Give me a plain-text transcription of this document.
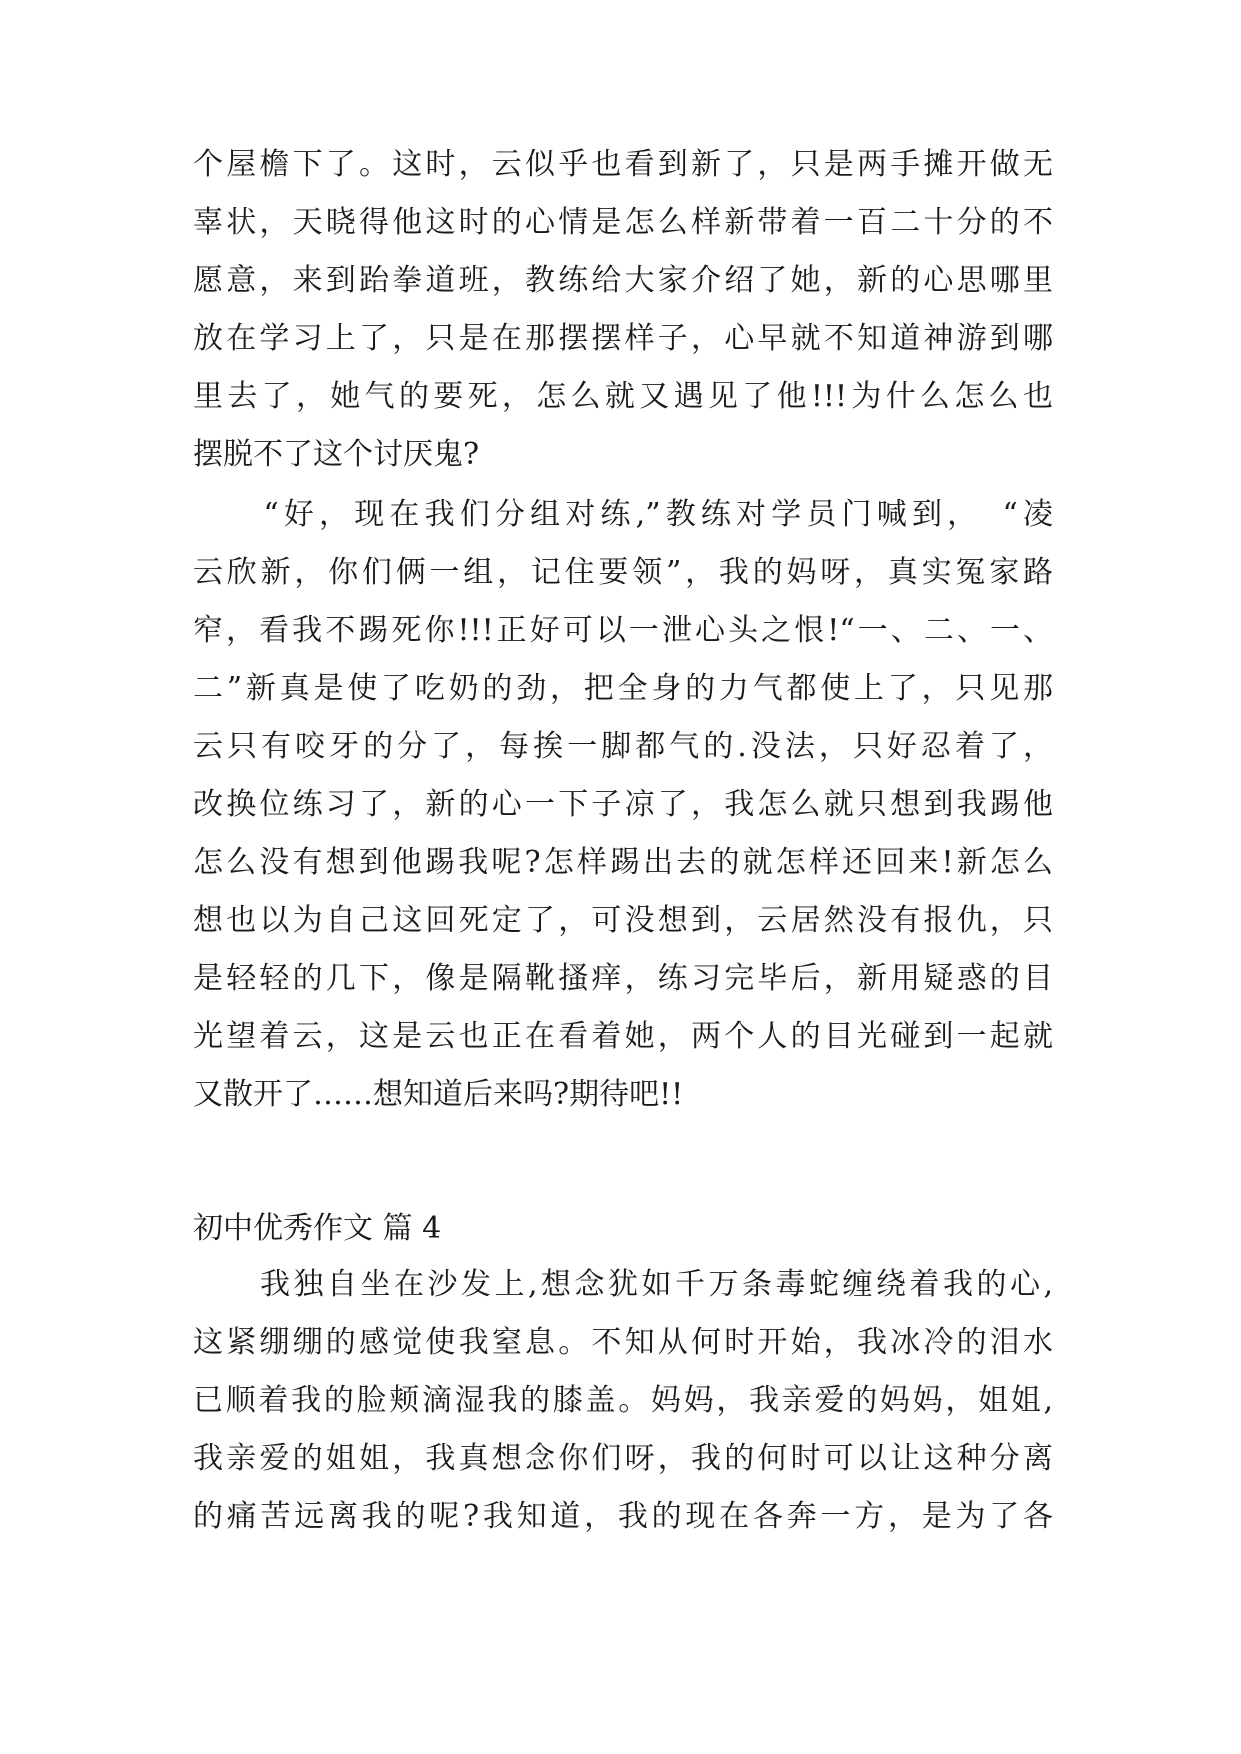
个屋檐下了。这时，云似乎也看到新了，只是两手摊开做无
辜状，天晓得他这时的心情是怎么样新带着一百二十分的不
愿意，来到跆拳道班，教练给大家介绍了她，新的心思哪里
放在学习上了，只是在那摆摆样子，心早就不知道神游到哪
里去了，她气的要死，怎么就又遇见了他!!!为什么怎么也
摆脱不了这个讨厌鬼?
　　“好，现在我们分组对练,”教练对学员门喊到，　“凌
云欣新，你们俩一组，记住要领”，我的妈呀，真实冤家路
窄，看我不踢死你!!!正好可以一泄心头之恨!“一、二、一、
二”新真是使了吃奶的劲，把全身的力气都使上了，只见那
云只有咬牙的分了，每挨一脚都气的.没法，只好忍着了，
改换位练习了，新的心一下子凉了，我怎么就只想到我踢他
怎么没有想到他踢我呢?怎样踢出去的就怎样还回来!新怎么
想也以为自己这回死定了，可没想到，云居然没有报仇，只
是轻轻的几下，像是隔靴搔痒，练习完毕后，新用疑惑的目
光望着云，这是云也正在看着她，两个人的目光碰到一起就
又散开了……想知道后来吗?期待吧!!
初中优秀作文 篇 4
　　我独自坐在沙发上,想念犹如千万条毒蛇缠绕着我的心,
这紧绷绷的感觉使我窒息。不知从何时开始，我冰冷的泪水
已顺着我的脸颊滴湿我的膝盖。妈妈，我亲爱的妈妈，姐姐,
我亲爱的姐姐，我真想念你们呀，我的何时可以让这种分离
的痛苦远离我的呢?我知道，我的现在各奔一方，是为了各
